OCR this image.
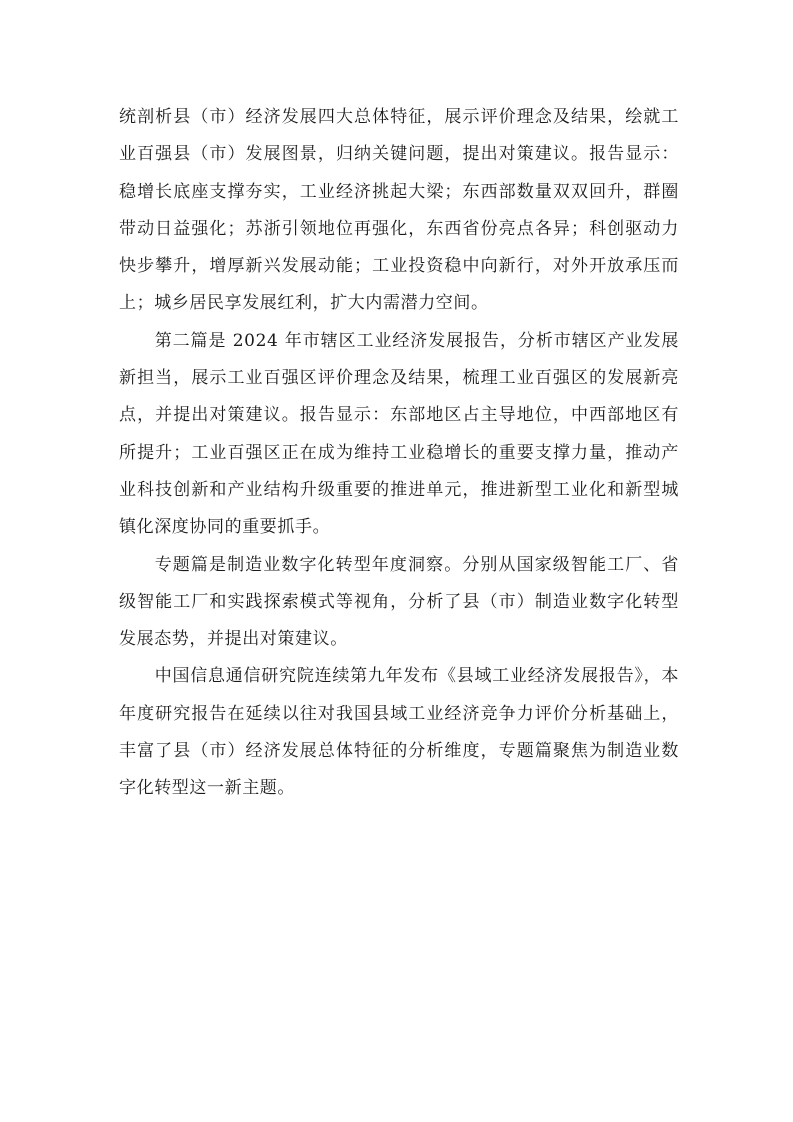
统剖析县（市）经济发展四大总体特征，展示评价理念及结果，绘就工业百强县（市）发展图景，归纳关键问题，提出对策建议。报告显示：稳增长底座支撑夯实，工业经济挑起大梁；东西部数量双双回升，群圈带动日益强化；苏浙引领地位再强化，东西省份亮点各异；科创驱动力快步攀升，增厚新兴发展动能；工业投资稳中向新行，对外开放承压而上；城乡居民享发展红利，扩大内需潜力空间。

第二篇是 2024 年市辖区工业经济发展报告，分析市辖区产业发展新担当，展示工业百强区评价理念及结果，梳理工业百强区的发展新亮点，并提出对策建议。报告显示：东部地区占主导地位，中西部地区有所提升；工业百强区正在成为维持工业稳增长的重要支撑力量，推动产业科技创新和产业结构升级重要的推进单元，推进新型工业化和新型城镇化深度协同的重要抓手。

专题篇是制造业数字化转型年度洞察。分别从国家级智能工厂、省级智能工厂和实践探索模式等视角，分析了县（市）制造业数字化转型发展态势，并提出对策建议。

中国信息通信研究院连续第九年发布《县域工业经济发展报告》，本年度研究报告在延续以往对我国县域工业经济竞争力评价分析基础上，丰富了县（市）经济发展总体特征的分析维度，专题篇聚焦为制造业数字化转型这一新主题。
